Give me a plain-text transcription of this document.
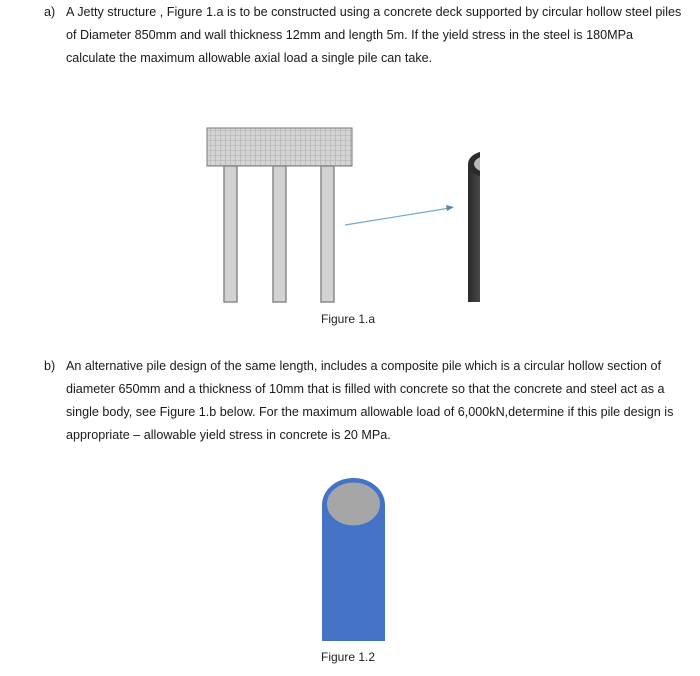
a) A Jetty structure , Figure 1.a is to be constructed using a concrete deck supported by circular hollow steel piles of Diameter 850mm and wall thickness 12mm and length 5m. If the yield stress in the steel is 180MPa calculate the maximum allowable axial load a single pile can take.
Figure 1.a
b) An alternative pile design of the same length, includes a composite pile which is a circular hollow section of diameter 650mm and a thickness of 10mm that is filled with concrete so that the concrete and steel act as a single body, see Figure 1.b below. For the maximum allowable load of 6,000kN,determine if this pile design is appropriate – allowable yield stress in concrete is 20 MPa.
Figure 1.2
